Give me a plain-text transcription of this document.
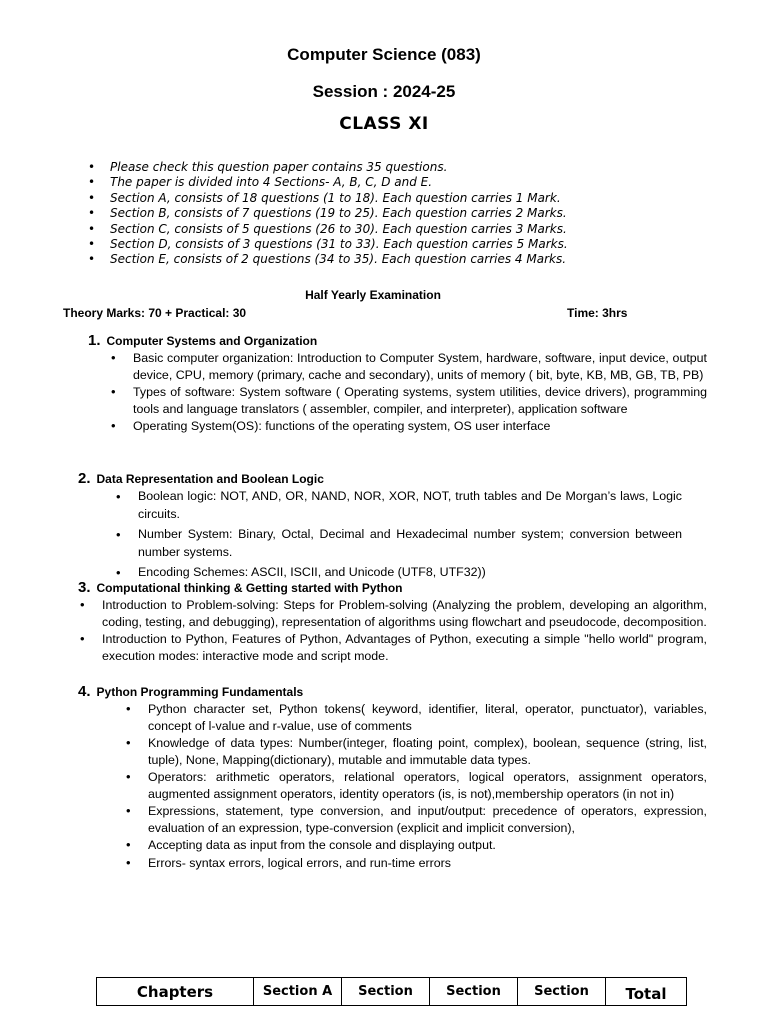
Computer Science (083)
Session : 2024-25
CLASS XI
• Please check this question paper contains 35 questions.
• The paper is divided into 4 Sections- A, B, C, D and E.
• Section A, consists of 18 questions (1 to 18). Each question carries 1 Mark.
• Section B, consists of 7 questions (19 to 25). Each question carries 2 Marks.
• Section C, consists of 5 questions (26 to 30). Each question carries 3 Marks.
• Section D, consists of 3 questions (31 to 33). Each question carries 5 Marks.
• Section E, consists of 2 questions (34 to 35). Each question carries 4 Marks.
Half Yearly Examination
Theory Marks: 70 + Practical: 30	Time: 3hrs
1. Computer Systems and Organization
• Basic computer organization: Introduction to Computer System, hardware, software, input device, output device, CPU, memory (primary, cache and secondary), units of memory ( bit, byte, KB, MB, GB, TB, PB)
• Types of software: System software ( Operating systems, system utilities, device drivers), programming tools and language translators ( assembler, compiler, and interpreter), application software
• Operating System(OS): functions of the operating system, OS user interface
2. Data Representation and Boolean Logic
• Boolean logic: NOT, AND, OR, NAND, NOR, XOR, NOT, truth tables and De Morgan’s laws, Logic circuits.
• Number System: Binary, Octal, Decimal and Hexadecimal number system; conversion between number systems.
• Encoding Schemes: ASCII, ISCII, and Unicode (UTF8, UTF32))
3. Computational thinking & Getting started with Python
• Introduction to Problem-solving: Steps for Problem-solving (Analyzing the problem, developing an algorithm, coding, testing, and debugging), representation of algorithms using flowchart and pseudocode, decomposition.
• Introduction to Python, Features of Python, Advantages of Python, executing a simple "hello world" program, execution modes: interactive mode and script mode.
4. Python Programming Fundamentals
• Python character set, Python tokens( keyword, identifier, literal, operator, punctuator), variables, concept of l-value and r-value, use of comments
• Knowledge of data types: Number(integer, floating point, complex), boolean, sequence (string, list, tuple), None, Mapping(dictionary), mutable and immutable data types.
• Operators: arithmetic operators, relational operators, logical operators, assignment operators, augmented assignment operators, identity operators (is, is not),membership operators (in not in)
• Expressions, statement, type conversion, and input/output: precedence of operators, expression, evaluation of an expression, type-conversion (explicit and implicit conversion),
• Accepting data as input from the console and displaying output.
• Errors- syntax errors, logical errors, and run-time errors
Chapters	Section A	Section	Section	Section	Total
